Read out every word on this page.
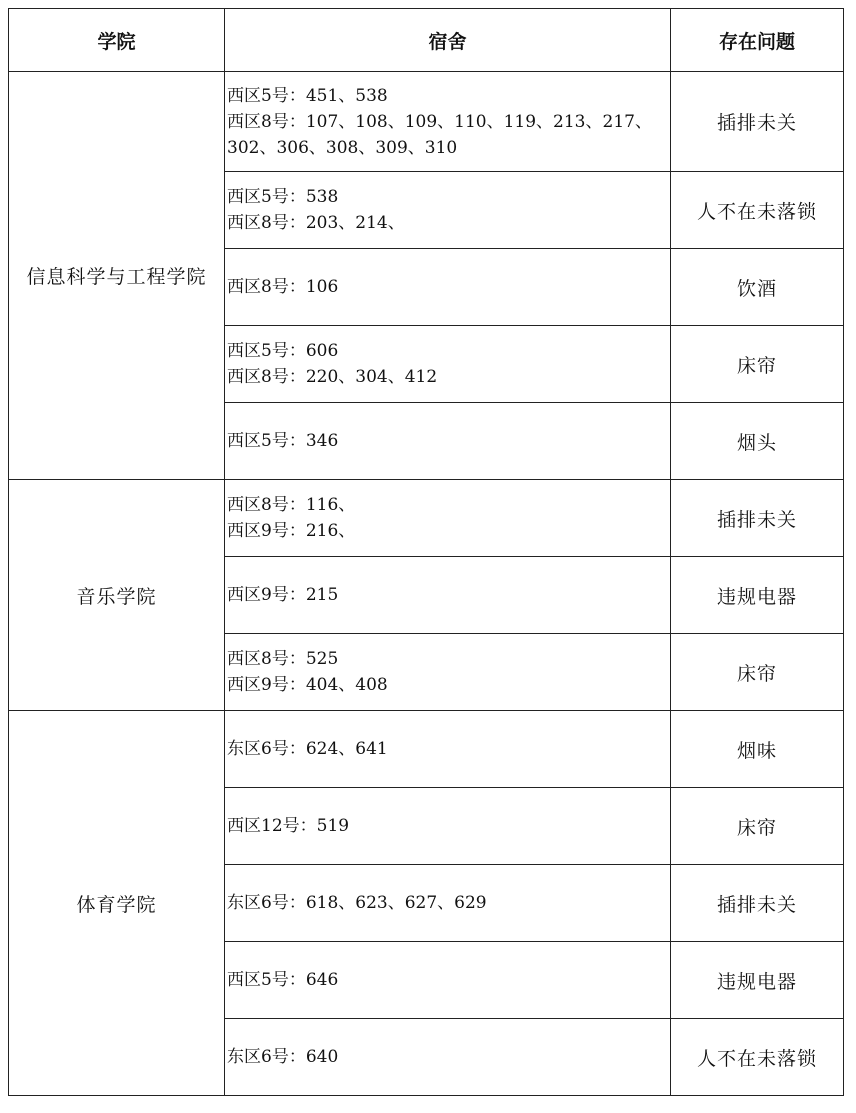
学院	宿舍	存在问题
信息科学与工程学院	西区5号：451、538
西区8号：107、108、109、110、119、213、217、302、306、308、309、310	插排未关

	西区5号：538
西区8号：203、214、	人不在未落锁

	西区8号：106	饮酒

	西区5号：606
西区8号：220、304、412	床帘

	西区5号：346	烟头
音乐学院	西区8号：116、
西区9号：216、	插排未关

	西区9号：215	违规电器

	西区8号：525
西区9号：404、408	床帘
体育学院	东区6号：624、641	烟味

	西区12号：519	床帘

	东区6号：618、623、627、629	插排未关

	西区5号：646	违规电器

	东区6号：640	人不在未落锁
